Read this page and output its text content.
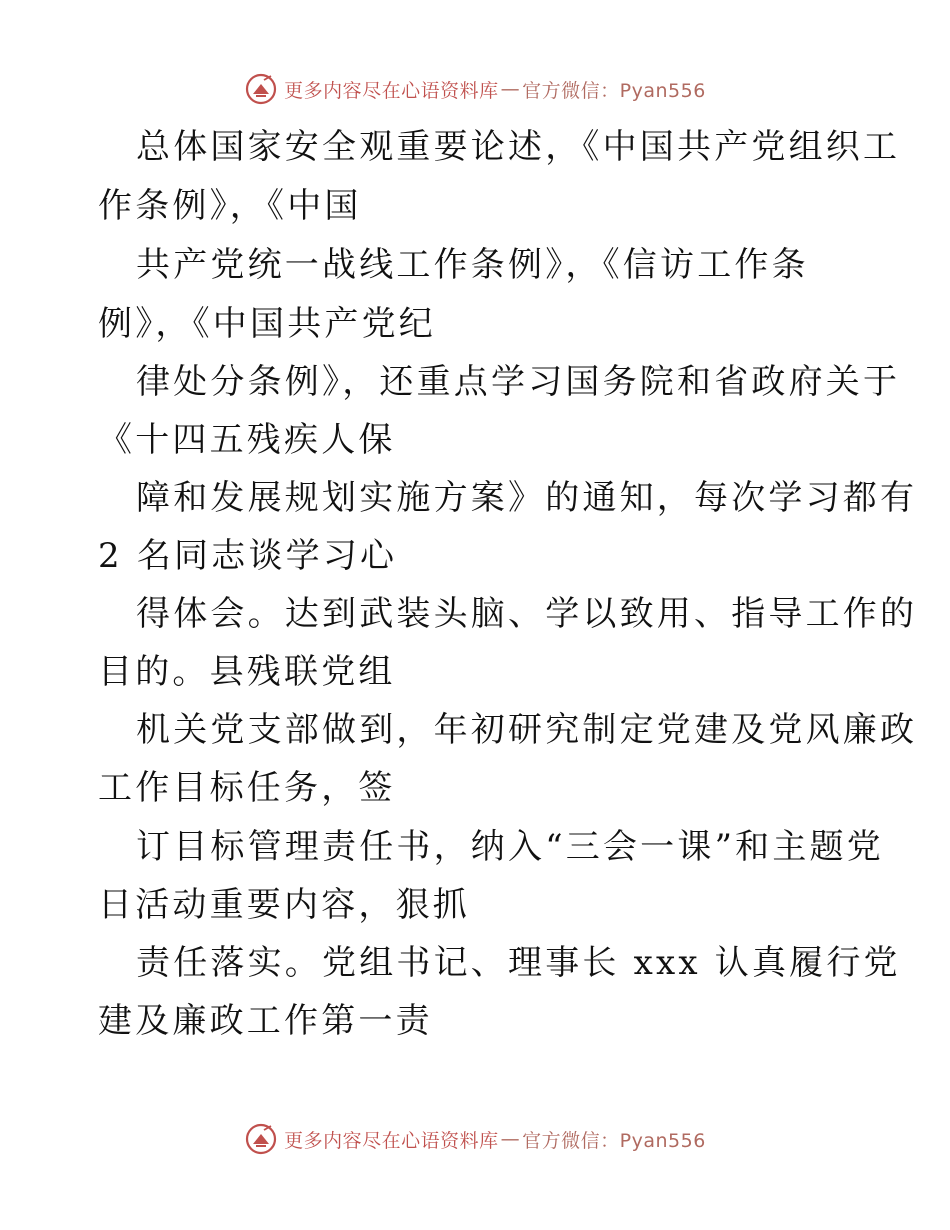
更多内容尽在心语资料库 — 官方微信：Pyan556
总体国家安全观重要论述，《中国共产党组织工
作条例》，《中国
共产党统一战线工作条例》，《信访工作条
例》，《中国共产党纪
律处分条例》，还重点学习国务院和省政府关于
《十四五残疾人保
障和发展规划实施方案》的通知，每次学习都有
2 名同志谈学习心
得体会。达到武装头脑、学以致用、指导工作的
目的。县残联党组
机关党支部做到，年初研究制定党建及党风廉政
工作目标任务，签
订目标管理责任书，纳入“三会一课”和主题党
日活动重要内容，狠抓
责任落实。党组书记、理事长 xxx 认真履行党
建及廉政工作第一责
更多内容尽在心语资料库 — 官方微信：Pyan556
